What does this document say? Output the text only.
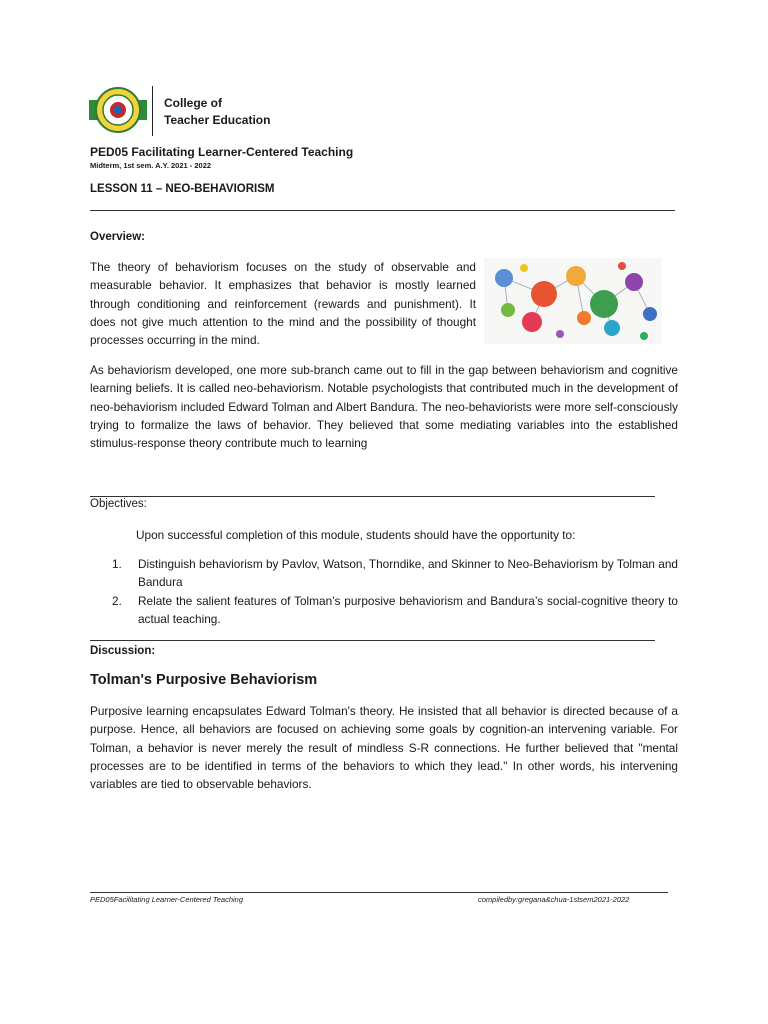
College of
Teacher Education
PED05 Facilitating Learner-Centered Teaching
Midterm, 1st sem. A.Y. 2021 - 2022
LESSON 11 – NEO-BEHAVIORISM
Overview:
The theory of behaviorism focuses on the study of observable and measurable behavior. It emphasizes that behavior is mostly learned through conditioning and reinforcement (rewards and punishment). It does not give much attention to the mind and the possibility of thought processes occurring in the mind.
As behaviorism developed, one more sub-branch came out to fill in the gap between behaviorism and cognitive learning beliefs. It is called neo-behaviorism. Notable psychologists that contributed much in the development of neo-behaviorism included Edward Tolman and Albert Bandura. The neo-behaviorists were more self-consciously trying to formalize the laws of behavior. They believed that some mediating variables into the established stimulus-response theory contribute much to learning
Objectives:
Upon successful completion of this module, students should have the opportunity to:
1. Distinguish behaviorism by Pavlov, Watson, Thorndike, and Skinner to Neo-Behaviorism by Tolman and Bandura
2. Relate the salient features of Tolman’s purposive behaviorism and Bandura’s social-cognitive theory to actual teaching.
Discussion:
Tolman's Purposive Behaviorism
Purposive learning encapsulates Edward Tolman's theory. He insisted that all behavior is directed because of a purpose. Hence, all behaviors are focused on achieving some goals by cognition-an intervening variable. For Tolman, a behavior is never merely the result of mindless S-R connections. He further believed that "mental processes are to be identified in terms of the behaviors to which they lead." In other words, his intervening variables are tied to observable behaviors.
PED05Facilitating Learner-Centered Teaching	compiledby:gregana&chua-1stsem2021-2022
